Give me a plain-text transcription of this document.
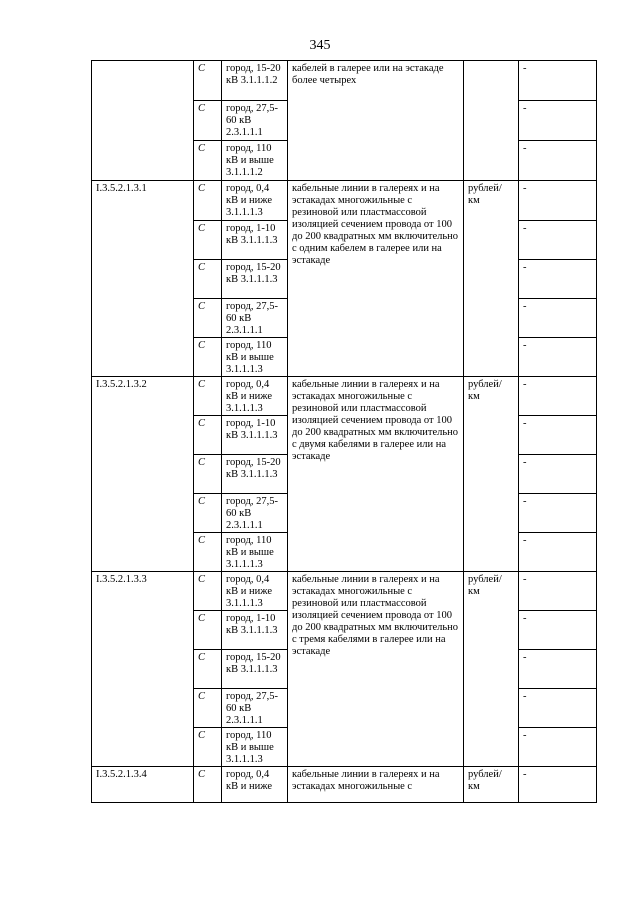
345
	С	город, 15-20 кВ 3.1.1.1.2	кабелей в галерее или на эстакаде более четырех		-
	С	город, 27,5-60 кВ 2.3.1.1.1			-
	С	город, 110 кВ и выше 3.1.1.1.2			-
I.3.5.2.1.3.1	С	город, 0,4 кВ и ниже 3.1.1.1.3	кабельные линии в галереях и на эстакадах многожильные с резиновой или пластмассовой изоляцией сечением провода от 100 до 200 квадратных мм включительно с одним кабелем в галерее или на эстакаде	рублей/ км	-
	С	город, 1-10 кВ 3.1.1.1.3			-
	С	город, 15-20 кВ 3.1.1.1.3			-
	С	город, 27,5-60 кВ 2.3.1.1.1			-
	С	город, 110 кВ и выше 3.1.1.1.3			-
I.3.5.2.1.3.2	С	город, 0,4 кВ и ниже 3.1.1.1.3	кабельные линии в галереях и на эстакадах многожильные с резиновой или пластмассовой изоляцией сечением провода от 100 до 200 квадратных мм включительно с двумя кабелями в галерее или на эстакаде	рублей/ км	-
	С	город, 1-10 кВ 3.1.1.1.3			-
	С	город, 15-20 кВ 3.1.1.1.3			-
	С	город, 27,5-60 кВ 2.3.1.1.1			-
	С	город, 110 кВ и выше 3.1.1.1.3			-
I.3.5.2.1.3.3	С	город, 0,4 кВ и ниже 3.1.1.1.3	кабельные линии в галереях и на эстакадах многожильные с резиновой или пластмассовой изоляцией сечением провода от 100 до 200 квадратных мм включительно с тремя кабелями в галерее или на эстакаде	рублей/ км	-
	С	город, 1-10 кВ 3.1.1.1.3			-
	С	город, 15-20 кВ 3.1.1.1.3			-
	С	город, 27,5-60 кВ 2.3.1.1.1			-
	С	город, 110 кВ и выше 3.1.1.1.3			-
I.3.5.2.1.3.4	С	город, 0,4 кВ и ниже	кабельные линии в галереях и на эстакадах многожильные с	рублей/ км	-
